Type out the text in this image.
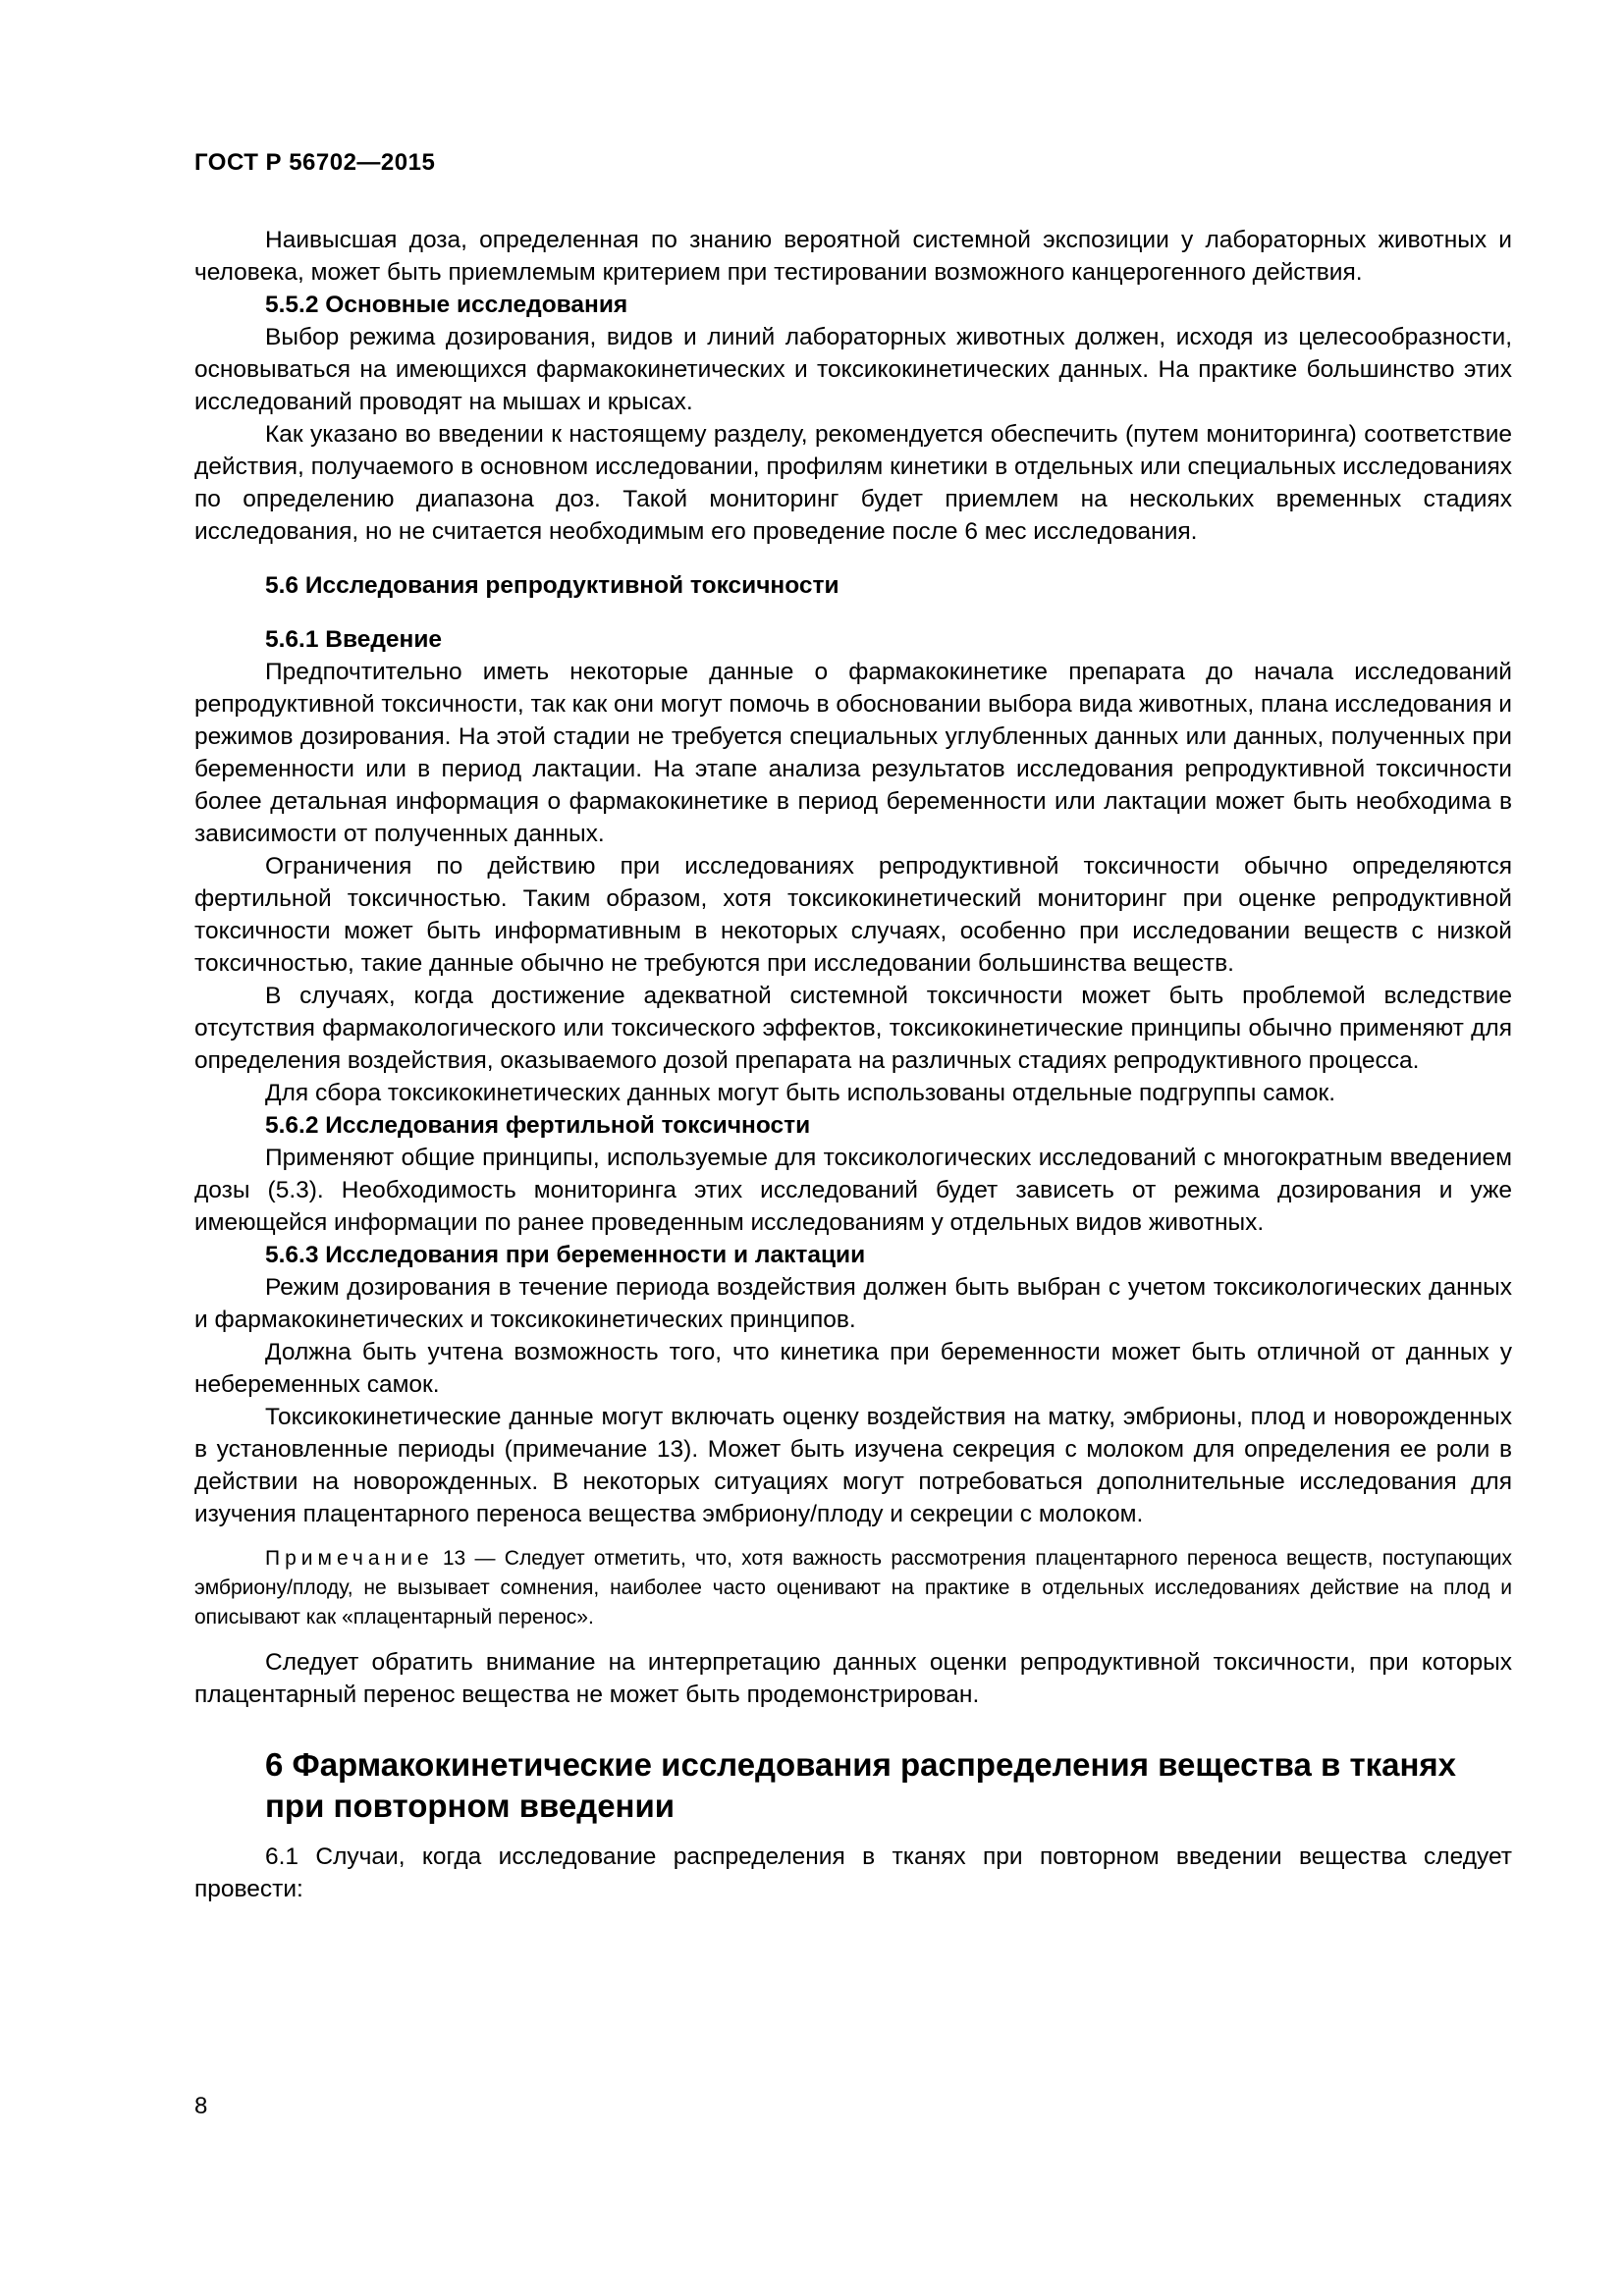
ГОСТ Р 56702—2015

Наивысшая доза, определенная по знанию вероятной системной экспозиции у лабораторных животных и человека, может быть приемлемым критерием при тестировании возможного канцерогенного действия.

5.5.2 Основные исследования

Выбор режима дозирования, видов и линий лабораторных животных должен, исходя из целесообразности, основываться на имеющихся фармакокинетических и токсикокинетических данных. На практике большинство этих исследований проводят на мышах и крысах.

Как указано во введении к настоящему разделу, рекомендуется обеспечить (путем мониторинга) соответствие действия, получаемого в основном исследовании, профилям кинетики в отдельных или специальных исследованиях по определению диапазона доз. Такой мониторинг будет приемлем на нескольких временных стадиях исследования, но не считается необходимым его проведение после 6 мес исследования.

5.6 Исследования репродуктивной токсичности

5.6.1 Введение

Предпочтительно иметь некоторые данные о фармакокинетике препарата до начала исследований репродуктивной токсичности, так как они могут помочь в обосновании выбора вида животных, плана исследования и режимов дозирования. На этой стадии не требуется специальных углубленных данных или данных, полученных при беременности или в период лактации. На этапе анализа результатов исследования репродуктивной токсичности более детальная информация о фармакокинетике в период беременности или лактации может быть необходима в зависимости от полученных данных.

Ограничения по действию при исследованиях репродуктивной токсичности обычно определяются фертильной токсичностью. Таким образом, хотя токсикокинетический мониторинг при оценке репродуктивной токсичности может быть информативным в некоторых случаях, особенно при исследовании веществ с низкой токсичностью, такие данные обычно не требуются при исследовании большинства веществ.

В случаях, когда достижение адекватной системной токсичности может быть проблемой вследствие отсутствия фармакологического или токсического эффектов, токсикокинетические принципы обычно применяют для определения воздействия, оказываемого дозой препарата на различных стадиях репродуктивного процесса.

Для сбора токсикокинетических данных могут быть использованы отдельные подгруппы самок.

5.6.2 Исследования фертильной токсичности

Применяют общие принципы, используемые для токсикологических исследований с многократным введением дозы (5.3). Необходимость мониторинга этих исследований будет зависеть от режима дозирования и уже имеющейся информации по ранее проведенным исследованиям у отдельных видов животных.

5.6.3 Исследования при беременности и лактации

Режим дозирования в течение периода воздействия должен быть выбран с учетом токсикологических данных и фармакокинетических и токсикокинетических принципов.

Должна быть учтена возможность того, что кинетика при беременности может быть отличной от данных у небеременных самок.

Токсикокинетические данные могут включать оценку воздействия на матку, эмбрионы, плод и новорожденных в установленные периоды (примечание 13). Может быть изучена секреция с молоком для определения ее роли в действии на новорожденных. В некоторых ситуациях могут потребоваться дополнительные исследования для изучения плацентарного переноса вещества эмбриону/плоду и секреции с молоком.

Примечание 13 — Следует отметить, что, хотя важность рассмотрения плацентарного переноса веществ, поступающих эмбриону/плоду, не вызывает сомнения, наиболее часто оценивают на практике в отдельных исследованиях действие на плод и описывают как «плацентарный перенос».

Следует обратить внимание на интерпретацию данных оценки репродуктивной токсичности, при которых плацентарный перенос вещества не может быть продемонстрирован.

6 Фармакокинетические исследования распределения вещества в тканях при повторном введении

6.1 Случаи, когда исследование распределения в тканях при повторном введении вещества следует провести:

8
